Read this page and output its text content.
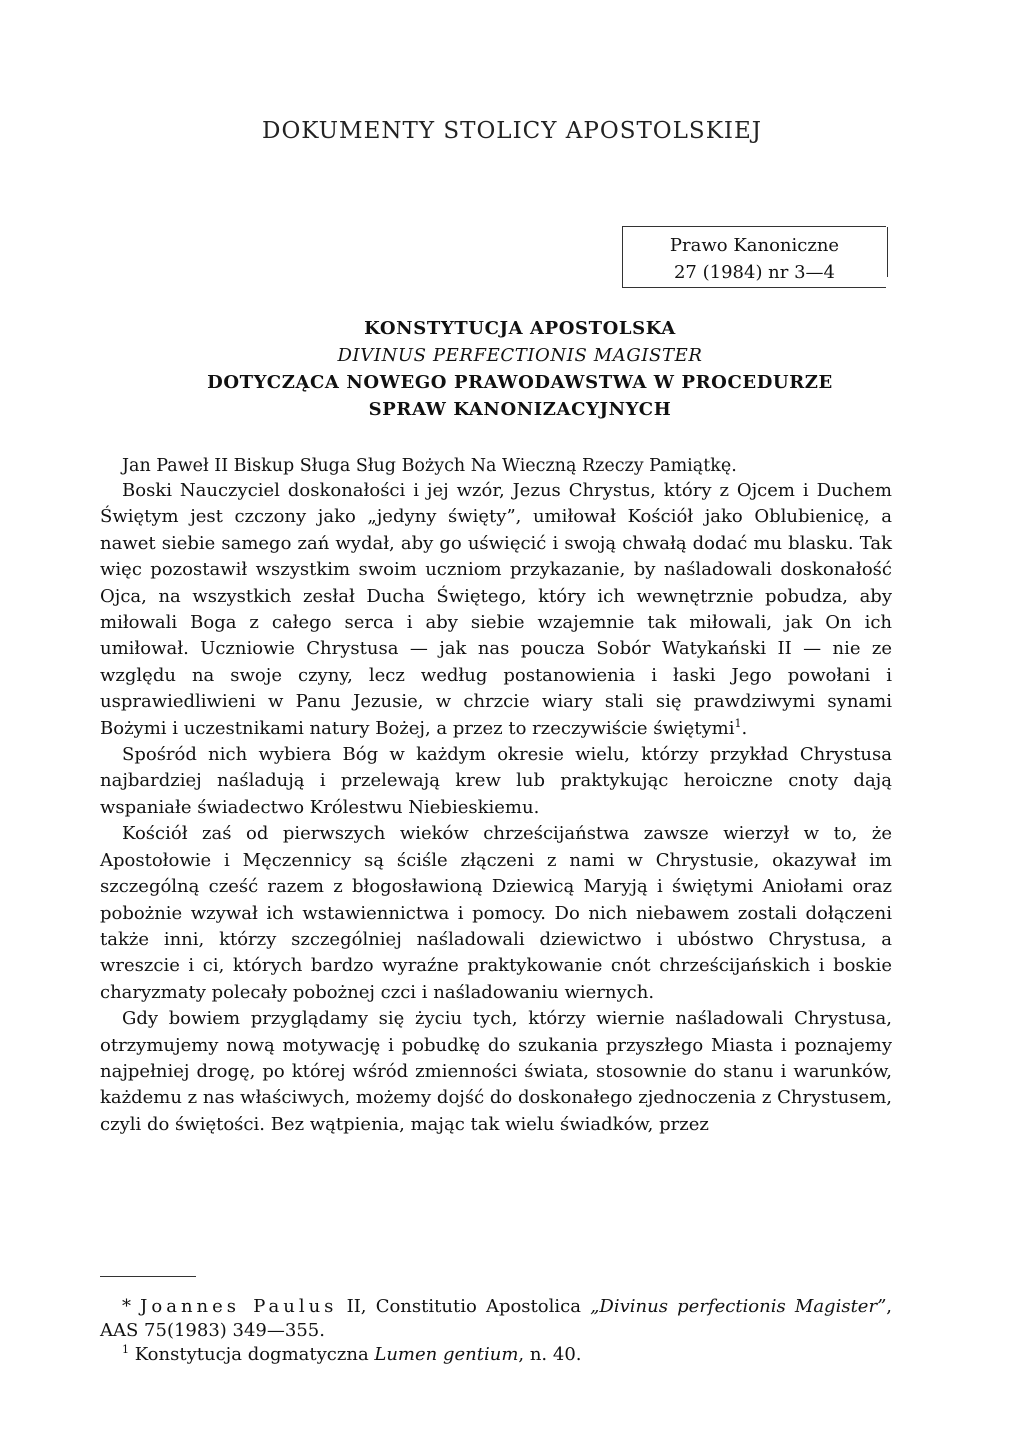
DOKUMENTY STOLICY APOSTOLSKIEJ
Prawo Kanoniczne
27 (1984) nr 3—4
KONSTYTUCJA APOSTOLSKA
DIVINUS PERFECTIONIS MAGISTER
DOTYCZĄCA NOWEGO PRAWODAWSTWA W PROCEDURZE
SPRAW KANONIZACYJNYCH
Jan Paweł II Biskup Sługa Sług Bożych Na Wieczną Rzeczy Pamiątkę.

Boski Nauczyciel doskonałości i jej wzór, Jezus Chrystus, który z Ojcem i Duchem Świętym jest czczony jako „jedyny święty”, umiłował Kościół jako Oblubienicę, a nawet siebie samego zań wydał, aby go uświęcić i swoją chwałą dodać mu blasku. Tak więc pozostawił wszystkim swoim uczniom przykazanie, by naśladowali doskonałość Ojca, na wszystkich zesłał Ducha Świętego, który ich wewnętrznie pobudza, aby miłowali Boga z całego serca i aby siebie wzajemnie tak miłowali, jak On ich umiłował. Uczniowie Chrystusa — jak nas poucza Sobór Watykański II — nie ze względu na swoje czyny, lecz według postanowienia i łaski Jego powołani i usprawiedliwieni w Panu Jezusie, w chrzcie wiary stali się prawdziwymi synami Bożymi i uczestnikami natury Bożej, a przez to rzeczywiście świętymi$^1$.

Spośród nich wybiera Bóg w każdym okresie wielu, którzy przykład Chrystusa najbardziej naśladują i przelewają krew lub praktykując heroiczne cnoty dają wspaniałe świadectwo Królestwu Niebieskiemu.

Kościół zaś od pierwszych wieków chrześcijaństwa zawsze wierzył w to, że Apostołowie i Męczennicy są ściśle złączeni z nami w Chrystusie, okazywał im szczególną cześć razem z błogosławioną Dziewicą Maryją i świętymi Aniołami oraz pobożnie wzywał ich wstawiennictwa i pomocy. Do nich niebawem zostali dołączeni także inni, którzy szczególniej naśladowali dziewictwo i ubóstwo Chrystusa, a wreszcie i ci, których bardzo wyraźne praktykowanie cnót chrześcijańskich i boskie charyzmaty polecały pobożnej czci i naśladowaniu wiernych.

Gdy bowiem przyglądamy się życiu tych, którzy wiernie naśladowali Chrystusa, otrzymujemy nową motywację i pobudkę do szukania przyszłego Miasta i poznajemy najpełniej drogę, po której wśród zmienności świata, stosownie do stanu i warunków, każdemu z nas właściwych, możemy dojść do doskonałego zjednoczenia z Chrystusem, czyli do świętości. Bez wątpienia, mając tak wielu świadków, przez

* Joannes Paulus II, Constitutio Apostolica „Divinus perfectionis Magister”, AAS 75(1983) 349—355.

$^1$ Konstytucja dogmatyczna Lumen gentium, n. 40.
